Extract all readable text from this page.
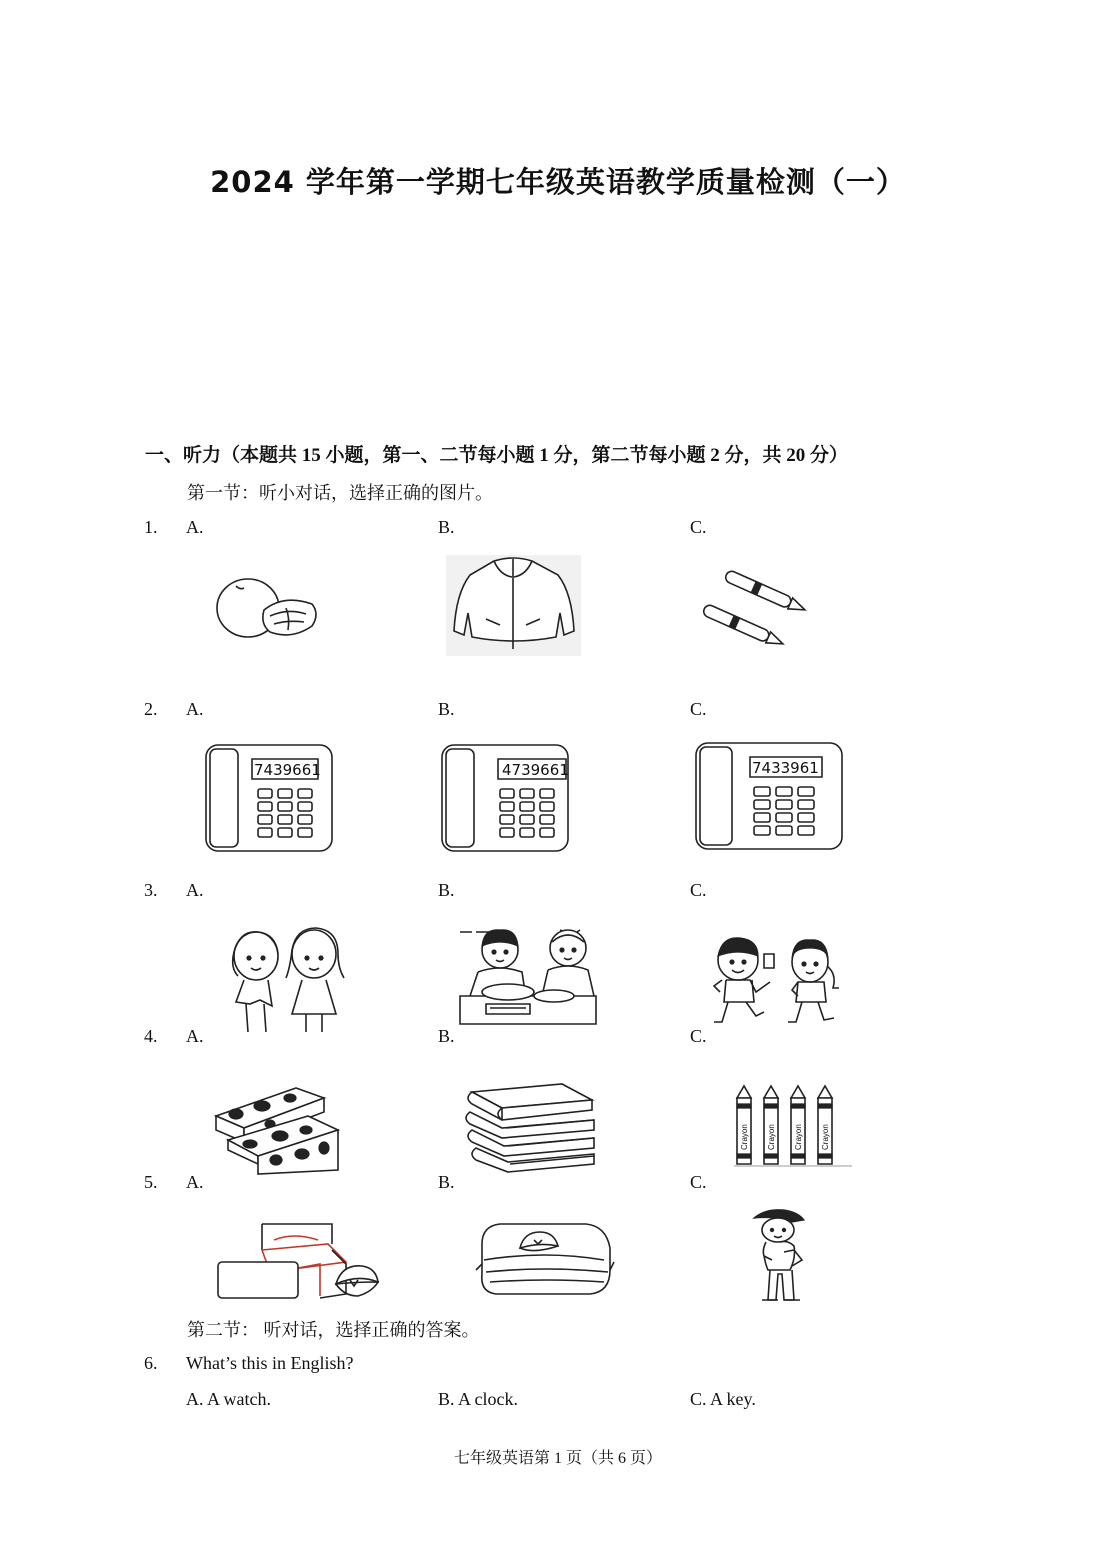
2024 学年第一学期七年级英语教学质量检测（一）
一、听力（本题共 15 小题，第一、二节每小题 1 分，第二节每小题 2 分，共 20 分）
第一节：听小对话，选择正确的图片。
1. A.	B.	C.
2. A.	B.	C.
7439661	4739661	7433961
3. A.	B.	C.
4. A.	B.	C.
Crayon Crayon Crayon Crayon
5. A.	B.	C.
第二节： 听对话，选择正确的答案。
6. What’s this in English?
A. A watch.	B. A clock.	C. A key.
七年级英语第 1 页（共 6 页）
